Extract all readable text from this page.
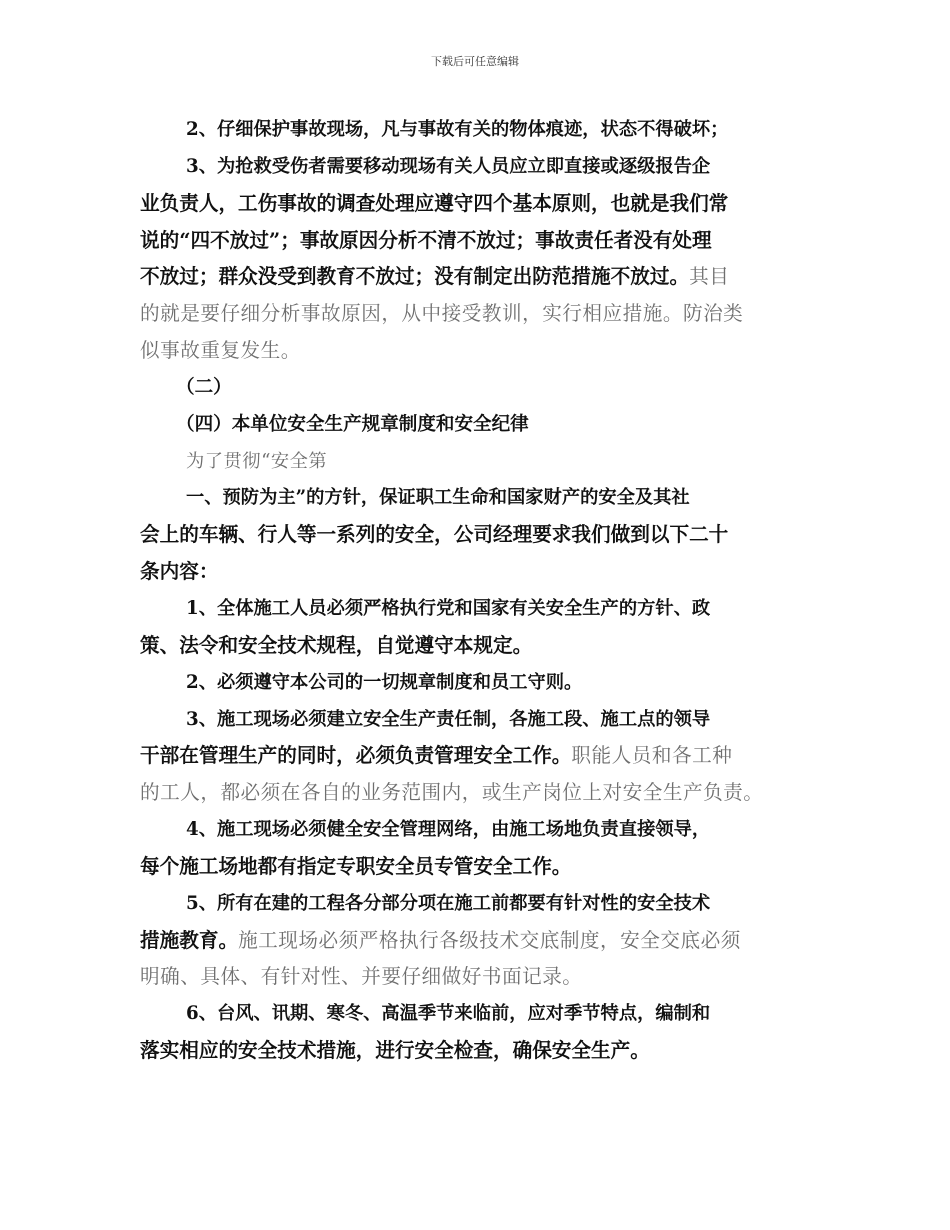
下载后可任意编辑
2、仔细保护事故现场，凡与事故有关的物体痕迹，状态不得破坏；
3、为抢救受伤者需要移动现场有关人员应立即直接或逐级报告企
业负责人，工伤事故的调查处理应遵守四个基本原则，也就是我们常
说的“四不放过”；事故原因分析不清不放过；事故责任者没有处理
不放过；群众没受到教育不放过；没有制定出防范措施不放过。其目
的就是要仔细分析事故原因，从中接受教训，实行相应措施。防治类
似事故重复发生。
（二）
（四）本单位安全生产规章制度和安全纪律
为了贯彻“安全第
一、预防为主”的方针，保证职工生命和国家财产的安全及其社
会上的车辆、行人等一系列的安全，公司经理要求我们做到以下二十
条内容：
1、全体施工人员必须严格执行党和国家有关安全生产的方针、政
策、法令和安全技术规程，自觉遵守本规定。
2、必须遵守本公司的一切规章制度和员工守则。
3、施工现场必须建立安全生产责任制，各施工段、施工点的领导
干部在管理生产的同时，必须负责管理安全工作。职能人员和各工种
的工人，都必须在各自的业务范围内，或生产岗位上对安全生产负责。
4、施工现场必须健全安全管理网络，由施工场地负责直接领导，
每个施工场地都有指定专职安全员专管安全工作。
5、所有在建的工程各分部分项在施工前都要有针对性的安全技术
措施教育。施工现场必须严格执行各级技术交底制度，安全交底必须
明确、具体、有针对性、并要仔细做好书面记录。
6、台风、讯期、寒冬、高温季节来临前，应对季节特点，编制和
落实相应的安全技术措施，进行安全检查，确保安全生产。
